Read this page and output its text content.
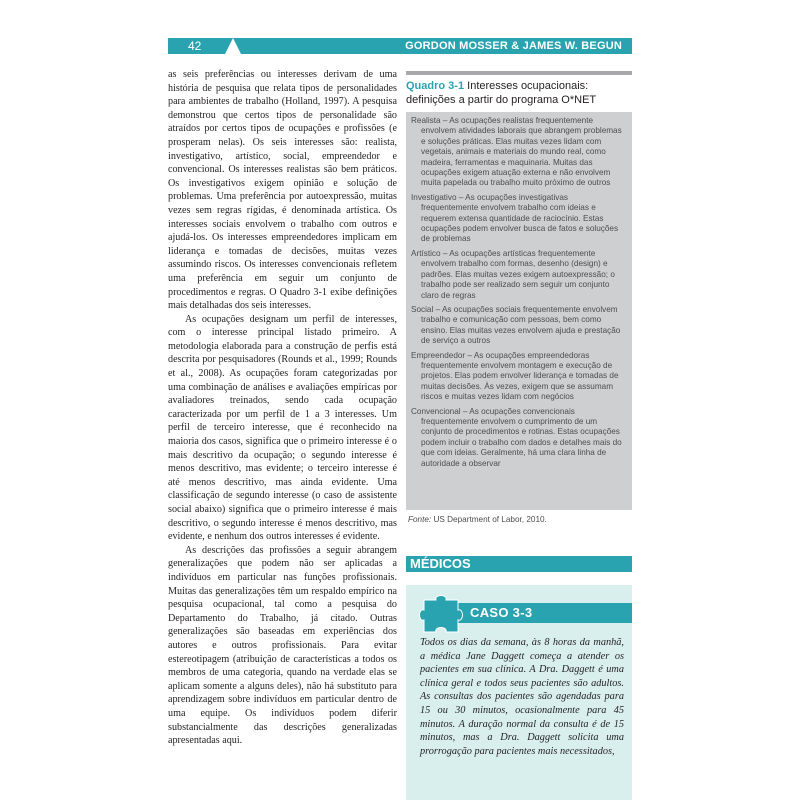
42	GORDON MOSSER & JAMES W. BEGUN

as seis preferências ou interesses derivam de uma história de pesquisa que relata tipos de personalidades para ambientes de trabalho (Holland, 1997). A pesquisa demonstrou que certos tipos de personalidade são atraídos por certos tipos de ocupações e profissões (e prosperam nelas). Os seis interesses são: realista, investigativo, artístico, social, empreendedor e convencional. Os interesses realistas são bem práticos. Os investigativos exigem opinião e solução de problemas. Uma preferência por autoexpressão, muitas vezes sem regras rígidas, é denominada artística. Os interesses sociais envolvem o trabalho com outros e ajudá-los. Os interesses empreendedores implicam em liderança e tomadas de decisões, muitas vezes assumindo riscos. Os interesses convencionais refletem uma preferência em seguir um conjunto de procedimentos e regras. O Quadro 3-1 exibe definições mais detalhadas dos seis interesses.

As ocupações designam um perfil de interesses, com o interesse principal listado primeiro. A metodologia elaborada para a construção de perfis está descrita por pesquisadores (Rounds et al., 1999; Rounds et al., 2008). As ocupações foram categorizadas por uma combinação de análises e avaliações empíricas por avaliadores treinados, sendo cada ocupação caracterizada por um perfil de 1 a 3 interesses. Um perfil de terceiro interesse, que é reconhecido na maioria dos casos, significa que o primeiro interesse é o mais descritivo da ocupação; o segundo interesse é menos descritivo, mas evidente; o terceiro interesse é até menos descritivo, mas ainda evidente. Uma classificação de segundo interesse (o caso de assistente social abaixo) significa que o primeiro interesse é mais descritivo, o segundo interesse é menos descritivo, mas evidente, e nenhum dos outros interesses é evidente.

As descrições das profissões a seguir abrangem generalizações que podem não ser aplicadas a indivíduos em particular nas funções profissionais. Muitas das generalizações têm um respaldo empírico na pesquisa ocupacional, tal como a pesquisa do Departamento do Trabalho, já citado. Outras generalizações são baseadas em experiências dos autores e outros profissionais. Para evitar estereotipagem (atribuição de características a todos os membros de uma categoria, quando na verdade elas se aplicam somente a alguns deles), não há substituto para aprendizagem sobre indivíduos em particular dentro de uma equipe. Os indivíduos podem diferir substancialmente das descrições generalizadas apresentadas aqui.

Quadro 3-1 Interesses ocupacionais: definições a partir do programa O*NET
Realista – As ocupações realistas frequentemente envolvem atividades laborais que abrangem problemas e soluções práticas. Elas muitas vezes lidam com vegetais, animais e materiais do mundo real, como madeira, ferramentas e maquinaria. Muitas das ocupações exigem atuação externa e não envolvem muita papelada ou trabalho muito próximo de outros
Investigativo – As ocupações investigativas frequentemente envolvem trabalho com ideias e requerem extensa quantidade de raciocínio. Estas ocupações podem envolver busca de fatos e soluções de problemas
Artístico – As ocupações artísticas frequentemente envolvem trabalho com formas, desenho (design) e padrões. Elas muitas vezes exigem autoexpressão; o trabalho pode ser realizado sem seguir um conjunto claro de regras
Social – As ocupações sociais frequentemente envolvem trabalho e comunicação com pessoas, bem como ensino. Elas muitas vezes envolvem ajuda e prestação de serviço a outros
Empreendedor – As ocupações empreendedoras frequentemente envolvem montagem e execução de projetos. Elas podem envolver liderança e tomadas de muitas decisões. Às vezes, exigem que se assumam riscos e muitas vezes lidam com negócios
Convencional – As ocupações convencionais frequentemente envolvem o cumprimento de um conjunto de procedimentos e rotinas. Estas ocupações podem incluir o trabalho com dados e detalhes mais do que com ideias. Geralmente, há uma clara linha de autoridade a observar
Fonte: US Department of Labor, 2010.
MÉDICOS
CASO 3-3
Todos os dias da semana, às 8 horas da manhã, a médica Jane Daggett começa a atender os pacientes em sua clínica. A Dra. Daggett é uma clínica geral e todos seus pacientes são adultos. As consultas dos pacientes são agendadas para 15 ou 30 minutos, ocasionalmente para 45 minutos. A duração normal da consulta é de 15 minutos, mas a Dra. Daggett solicita uma prorrogação para pacientes mais necessitados,
